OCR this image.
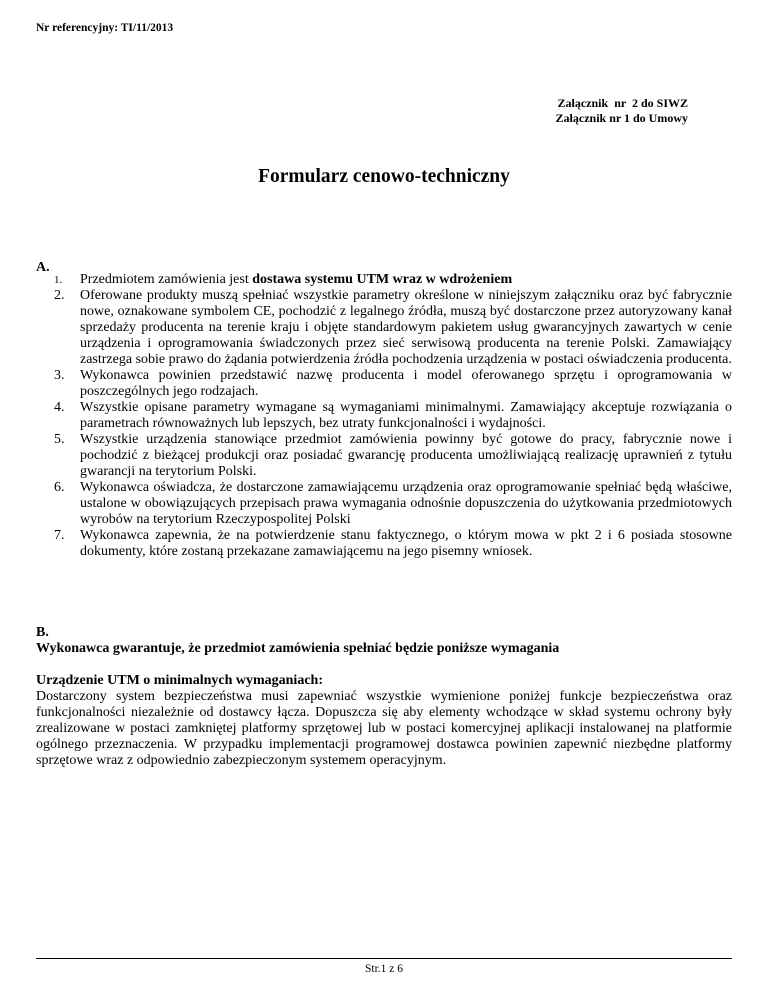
Nr referencyjny: TI/11/2013
Załącznik  nr  2 do SIWZ
Załącznik nr 1 do Umowy
Formularz cenowo-techniczny
A.
1. Przedmiotem zamówienia jest dostawa systemu UTM wraz w wdrożeniem
2. Oferowane produkty muszą spełniać wszystkie parametry określone w niniejszym załączniku oraz być fabrycznie nowe, oznakowane symbolem CE, pochodzić z legalnego źródła, muszą być dostarczone przez autoryzowany kanał sprzedaży producenta na terenie kraju i objęte standardowym pakietem usług gwarancyjnych zawartych w cenie urządzenia i oprogramowania świadczonych przez sieć serwisową producenta na terenie Polski. Zamawiający zastrzega sobie prawo do żądania potwierdzenia źródła pochodzenia urządzenia w postaci oświadczenia producenta.
3. Wykonawca powinien przedstawić nazwę producenta i model oferowanego sprzętu i oprogramowania w poszczególnych jego rodzajach.
4. Wszystkie opisane parametry wymagane są wymaganiami minimalnymi. Zamawiający akceptuje rozwiązania o parametrach równoważnych lub lepszych, bez utraty funkcjonalności i wydajności.
5. Wszystkie urządzenia stanowiące przedmiot zamówienia powinny być gotowe do pracy, fabrycznie nowe i pochodzić z bieżącej produkcji oraz posiadać gwarancję producenta umożliwiającą realizację uprawnień z tytułu gwarancji na terytorium Polski.
6. Wykonawca oświadcza, że dostarczone zamawiającemu urządzenia oraz oprogramowanie spełniać będą właściwe, ustalone w obowiązujących przepisach prawa wymagania odnośnie dopuszczenia do użytkowania przedmiotowych wyrobów na terytorium Rzeczypospolitej Polski
7. Wykonawca zapewnia, że na potwierdzenie stanu faktycznego, o którym mowa w pkt 2 i 6 posiada stosowne dokumenty, które zostaną przekazane zamawiającemu na jego pisemny wniosek.
B.
Wykonawca gwarantuje, że przedmiot zamówienia spełniać będzie poniższe wymagania
Urządzenie UTM o minimalnych wymaganiach:

Dostarczony system bezpieczeństwa musi zapewniać wszystkie wymienione poniżej funkcje bezpieczeństwa oraz funkcjonalności niezależnie od dostawcy łącza. Dopuszcza się aby elementy wchodzące w skład systemu ochrony były zrealizowane w postaci zamkniętej platformy sprzętowej lub w postaci komercyjnej aplikacji instalowanej na platformie ogólnego przeznaczenia. W przypadku implementacji programowej dostawca powinien zapewnić niezbędne platformy sprzętowe wraz z odpowiednio zabezpieczonym systemem operacyjnym.

Str.1 z 6
